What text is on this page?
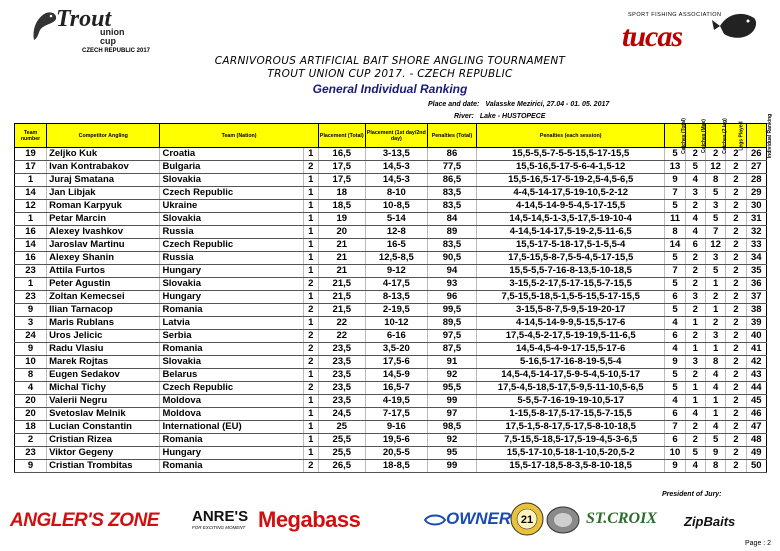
Trout
union
cup
CZECH REPUBLIC 2017
SPORT FISHING ASSOCIATION
tucas
CARNIVOROUS ARTIFICIAL BAIT SHORE ANGLING TOURNAMENT
TROUT UNION CUP 2017. - CZECH REPUBLIC
General Individual Ranking
Place and date: Valasske Mezirici, 27.04 - 01. 05. 2017
River: Lake - HUSTOPECE
Team number	Competitor Angling	Team (Nation)		Placement (Total)	Placement (1st day/2nd day)	Penalties (Total)	Penalties (each session)	Catches (Total)	Catches (Max)	Catches (2 leg)	Legs Played	Individual Ranking
19	Zeljko Kuk	Croatia	1	16,5	3-13,5	86	15,5-5,5-7-5-5-15,5-17-15,5	5	2	2	2	26
17	Ivan Kontrabakov	Bulgaria	2	17,5	14,5-3	77,5	15,5-16,5-17-5-6-4-1,5-12	13	5	12	2	27
1	Juraj Smatana	Slovakia	1	17,5	14,5-3	86,5	15,5-16,5-17-5-19-2,5-4,5-6,5	9	4	8	2	28
14	Jan Libjak	Czech Republic	1	18	8-10	83,5	4-4,5-14-17,5-19-10,5-2-12	7	3	5	2	29
12	Roman Karpyuk	Ukraine	1	18,5	10-8,5	83,5	4-14,5-14-9-5-4,5-17-15,5	5	2	3	2	30
1	Petar Marcin	Slovakia	1	19	5-14	84	14,5-14,5-1-3,5-17,5-19-10-4	11	4	5	2	31
16	Alexey Ivashkov	Russia	1	20	12-8	89	4-14,5-14-17,5-19-2,5-11-6,5	8	4	7	2	32
14	Jaroslav Martinu	Czech Republic	1	21	16-5	83,5	15,5-17-5-18-17,5-1-5,5-4	14	6	12	2	33
16	Alexey Shanin	Russia	1	21	12,5-8,5	90,5	17,5-15,5-8-7,5-5-4,5-17-15,5	5	2	3	2	34
23	Attila Furtos	Hungary	1	21	9-12	94	15,5-5,5-7-16-8-13,5-10-18,5	7	2	5	2	35
1	Peter Agustin	Slovakia	2	21,5	4-17,5	93	3-15,5-2-17,5-17-15,5-7-15,5	5	2	1	2	36
23	Zoltan Kemecsei	Hungary	1	21,5	8-13,5	96	7,5-15,5-18,5-1,5-5-15,5-17-15,5	6	3	2	2	37
9	Ilian Tarnacop	Romania	2	21,5	2-19,5	99,5	3-15,5-8-7,5-9,5-19-20-17	5	2	1	2	38
3	Maris Rublans	Latvia	1	22	10-12	89,5	4-14,5-14-9-9,5-15,5-17-6	4	1	2	2	39
24	Uros Jelicic	Serbia	2	22	6-16	97,5	17,5-4,5-2-17,5-19-19,5-11-6,5	6	2	3	2	40
9	Radu Vlasiu	Romania	2	23,5	3,5-20	87,5	14,5-4,5-4-9-17-15,5-17-6	4	1	1	2	41
10	Marek Rojtas	Slovakia	2	23,5	17,5-6	91	5-16,5-17-16-8-19-5,5-4	9	3	8	2	42
8	Eugen Sedakov	Belarus	1	23,5	14,5-9	92	14,5-4,5-14-17,5-9-5-4,5-10,5-17	5	2	4	2	43
4	Michal Tichy	Czech Republic	2	23,5	16,5-7	95,5	17,5-4,5-18,5-17,5-9,5-11-10,5-6,5	5	1	4	2	44
20	Valerii Negru	Moldova	1	23,5	4-19,5	99	5-5,5-7-16-19-19-10,5-17	4	1	1	2	45
20	Svetoslav Melnik	Moldova	1	24,5	7-17,5	97	1-15,5-8-17,5-17-15,5-7-15,5	6	4	1	2	46
18	Lucian Constantin	International (EU)	1	25	9-16	98,5	17,5-1,5-8-17,5-17,5-8-10-18,5	7	2	4	2	47
2	Cristian Rizea	Romania	1	25,5	19,5-6	92	7,5-15,5-18,5-17,5-19-4,5-3-6,5	6	2	5	2	48
23	Viktor Gegeny	Hungary	1	25,5	20,5-5	95	15,5-17-10,5-18-1-10,5-20,5-2	10	5	9	2	49
9	Cristian Trombitas	Romania	2	26,5	18-8,5	99	15,5-17-18,5-8-3,5-8-10-18,5	9	4	8	2	50
President of Jury:
ANGLER'S ZONE ANRE'S
FOR EXCITING MOMENT Megabass	OWNER 21	ST.CROIX ZipBaits
Page : 2
